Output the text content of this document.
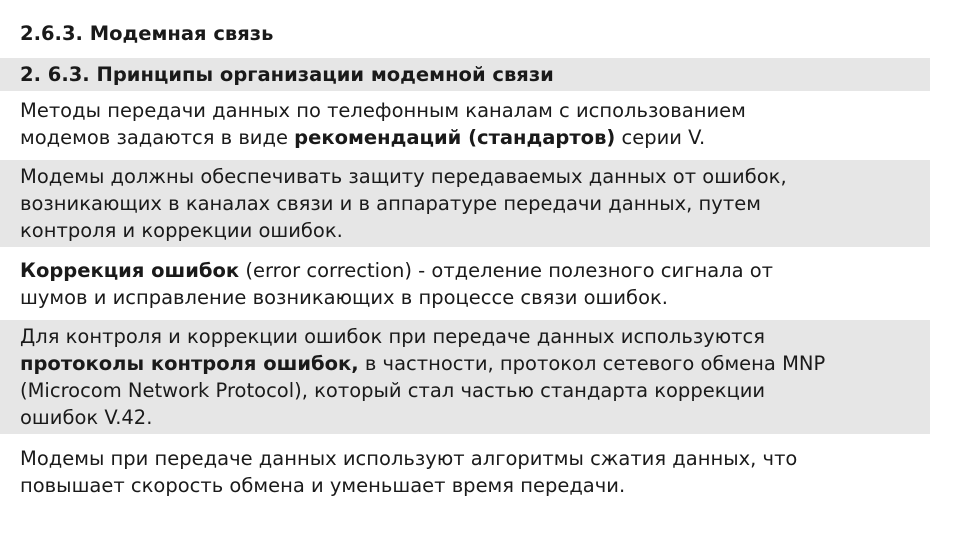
2.6.3. Модемная связь
2. 6.3. Принципы организации модемной связи
Методы передачи данных по телефонным каналам с использованием
модемов задаются в виде рекомендаций (стандартов) серии V.
Модемы должны обеспечивать защиту передаваемых данных от ошибок,
возникающих в каналах связи и в аппаратуре передачи данных, путем
контроля и коррекции ошибок.
Коррекция ошибок (error correction) - отделение полезного сигнала от
шумов и исправление возникающих в процессе связи ошибок.
Для контроля и коррекции ошибок при передаче данных используются
протоколы контроля ошибок, в частности, протокол сетевого обмена MNP
(Microcom Network Protocol), который стал частью стандарта коррекции
ошибок V.42.
Модемы при передаче данных используют алгоритмы сжатия данных, что
повышает скорость обмена и уменьшает время передачи.
